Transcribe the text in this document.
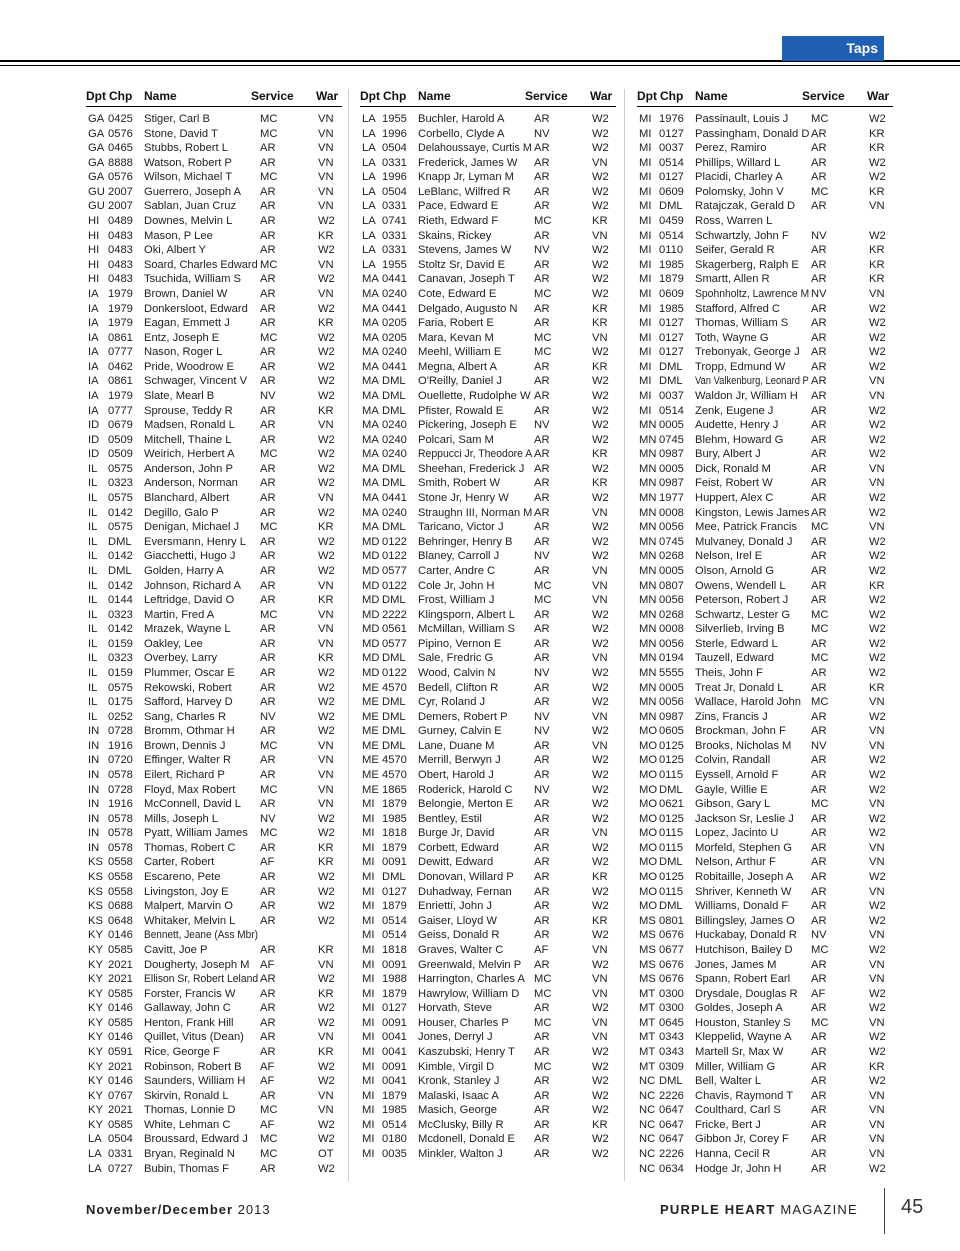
Taps
Dpt Chp Name	Service War
GA 0425 Stiger, Carl B	MC	VN
GA 0576 Stone, David T	MC	VN
GA 0465 Stubbs, Robert L	AR	VN
GA 8888 Watson, Robert P	AR	VN
GA 0576 Wilson, Michael T MC	VN
GU 2007 Guerrero, Joseph A AR	VN
GU 2007 Sablan, Juan Cruz AR	VN
HI 0489 Downes, Melvin L AR	W2
HI 0483 Mason, P Lee	AR	KR
HI 0483 Oki, Albert Y	AR	W2
HI 0483 Soard, Charles Edward MC	VN
HI 0483 Tsuchida, William S AR	W2
IA 1979 Brown, Daniel W	AR	VN
IA 1979 Donkersloot, Edward AR	W2
IA 1979 Eagan, Emmett J	AR	KR
IA 0861 Entz, Joseph E	MC	W2
IA 0777 Nason, Roger L	AR	W2
IA 0462 Pride, Woodrow E AR	W2
IA 0861 Schwager, Vincent V AR	W2
IA 1979 Slate, Mearl B	NV	W2
IA 0777 Sprouse, Teddy R AR	KR
ID 0679 Madsen, Ronald L AR	VN
ID 0509 Mitchell, Thaine L	AR	W2
ID 0509 Weirich, Herbert A MC	W2
IL 0575 Anderson, John P AR	W2
IL 0323 Anderson, Norman AR	W2
IL 0575 Blanchard, Albert	AR	VN
IL 0142 Degillo, Galo P	AR	W2
IL 0575 Denigan, Michael J MC	KR
IL DML Eversmann, Henry L AR	W2
IL 0142 Giacchetti, Hugo J AR	W2
IL DML Golden, Harry A	AR	W2
IL 0142 Johnson, Richard A AR	VN
IL 0144 Leftridge, David O AR	KR
IL 0323 Martin, Fred A	MC	VN
IL 0142 Mrazek, Wayne L	AR	VN
IL 0159 Oakley, Lee	AR	VN
IL 0323 Overbey, Larry	AR	KR
IL 0159 Plummer, Oscar E AR	W2
IL 0575 Rekowski, Robert	AR	W2
IL 0175 Safford, Harvey D AR	W2
IL 0252 Sang, Charles R	NV	W2
IN 0728 Bromm, Othmar H AR	W2
IN 1916 Brown, Dennis J	MC	VN
IN 0720 Effinger, Walter R	AR	VN
IN 0578 Eilert, Richard P	AR	VN
IN 0728 Floyd, Max Robert MC	VN
IN 1916 McConnell, David L AR	VN
IN 0578 Mills, Joseph L	NV	W2
IN 0578 Pyatt, William James MC	W2
IN 0578 Thomas, Robert C AR	KR
KS 0558 Carter, Robert	AF	KR
KS 0558 Escareno, Pete	AR	W2
KS 0558 Livingston, Joy E	AR	W2
KS 0688 Malpert, Marvin O AR	W2
KS 0648 Whitaker, Melvin L AR	W2
KY 0146 Bennett, Jeane (Ass Mbr)
KY 0585 Cavitt, Joe P	AR	KR
KY 2021 Dougherty, Joseph M AF	VN
KY 2021 Ellison Sr, Robert Leland AR	W2
KY 0585 Forster, Francis W AR	KR
KY 0146 Gallaway, John C	AR	W2
KY 0585 Henton, Frank Hill AR	W2
KY 0146 Quillet, Vitus (Dean) AR	VN
KY 0591 Rice, George F	AR	KR
KY 2021 Robinson, Robert B AF	W2
KY 0146 Saunders, William H AF	W2
KY 0767 Skirvin, Ronald L	AR	VN
KY 2021 Thomas, Lonnie D MC	VN
KY 0585 White, Lehman C	AF	W2
LA 0504 Broussard, Edward J MC	W2
LA 0331 Bryan, Reginald N MC	OT
LA 0727 Bubin, Thomas F	AR	W2
Dpt Chp Name	Service War
LA 1955 Buchler, Harold A	AR	W2
LA 1996 Corbello, Clyde A	NV	W2
LA 0504 Delahoussaye, Curtis M AR	W2
LA 0331 Frederick, James W AR	VN
LA 1996 Knapp Jr, Lyman M AR	W2
LA 0504 LeBlanc, Wilfred R AR	W2
LA 0331 Pace, Edward E	AR	W2
LA 0741 Rieth, Edward F	MC	KR
LA 0331 Skains, Rickey	AR	VN
LA 0331 Stevens, James W NV	W2
LA 1955 Stoltz Sr, David E	AR	W2
MA 0441 Canavan, Joseph T AR	W2
MA 0240 Cote, Edward E	MC	W2
MA 0441 Delgado, Augusto N AR	KR
MA 0205 Faria, Robert E	AR	KR
MA 0205 Mara, Kevan M	MC	VN
MA 0240 Meehl, William E	MC	W2
MA 0441 Megna, Albert A	AR	KR
MA DML O'Reilly, Daniel J	AR	W2
MA DML Ouellette, Rudolphe W AR	W2
MA DML Pfister, Rowald E	AR	W2
MA 0240 Pickering, Joseph E NV	W2
MA 0240 Polcari, Sam M	AR	W2
MA 0240 Reppucci Jr, Theodore A AR	KR
MA DML Sheehan, Frederick J AR	W2
MA DML Smith, Robert W	AR	KR
MA 0441 Stone Jr, Henry W AR	W2
MA 0240 Straughn III, Norman M AR	VN
MA DML Taricano, Victor J	AR	W2
MD 0122 Behringer, Henry B AR	W2
MD 0122 Blaney, Carroll J	NV	W2
MD 0577 Carter, Andre C	AR	VN
MD 0122 Cole Jr, John H	MC	VN
MD DML Frost, William J	MC	VN
MD 2222 Klingsporn, Albert L AR	W2
MD 0561 McMillan, William S AR	W2
MD 0577 Pipino, Vernon E	AR	W2
MD DML Sale, Fredric G	AR	VN
MD 0122 Wood, Calvin N	NV	W2
ME 4570 Bedell, Clifton R	AR	W2
ME DML Cyr, Roland J	AR	W2
ME DML Demers, Robert P NV	VN
ME DML Gurney, Calvin E	NV	W2
ME DML Lane, Duane M	AR	VN
ME 4570 Merrill, Berwyn J	AR	W2
ME 4570 Obert, Harold J	AR	W2
ME 1865 Roderick, Harold C NV	W2
MI 1879 Belongie, Merton E AR	W2
MI 1985 Bentley, Estil	AR	W2
MI 1818 Burge Jr, David	AR	VN
MI 1879 Corbett, Edward	AR	W2
MI 0091 Dewitt, Edward	AR	W2
MI DML Donovan, Willard P AR	KR
MI 0127 Duhadway, Fernan AR	W2
MI 1879 Enrietti, John J	AR	W2
MI 0514 Gaiser, Lloyd W	AR	KR
MI 0514 Geiss, Donald R	AR	W2
MI 1818 Graves, Walter C	AF	VN
MI 0091 Greenwald, Melvin P AR	W2
MI 1988 Harrington, Charles A MC	VN
MI 1879 Hawrylow, William D MC	VN
MI 0127 Horvath, Steve	AR	W2
MI 0091 Houser, Charles P MC	VN
MI 0041 Jones, Derryl J	AR	VN
MI 0041 Kaszubski, Henry T AR	W2
MI 0091 Kimble, Virgil D	MC	W2
MI 0041 Kronk, Stanley J	AR	W2
MI 1879 Malaski, Isaac A	AR	W2
MI 1985 Masich, George	AR	W2
MI 0514 McClusky, Billy R	AR	KR
MI 0180 Mcdonell, Donald E AR	W2
MI 0035 Minkler, Walton J	AR	W2
Dpt Chp Name	Service War
MI 1976 Passinault, Louis J MC	W2
MI 0127 Passingham, Donald D AR	KR
MI 0037 Perez, Ramiro	AR	KR
MI 0514 Phillips, Willard L	AR	W2
MI 0127 Placidi, Charley A	AR	W2
MI 0609 Polomsky, John V MC	KR
MI DML Ratajczak, Gerald D AR	VN
MI 0459 Ross, Warren L
MI 0514 Schwartzly, John F NV	W2
MI 0110 Seifer, Gerald R	AR	KR
MI 1985 Skagerberg, Ralph E AR	KR
MI 1879 Smartt, Allen R	AR	KR
MI 0609 Spohnholtz, Lawrence M NV	VN
MI 1985 Stafford, Alfred C	AR	W2
MI 0127 Thomas, William S AR	W2
MI 0127 Toth, Wayne G	AR	W2
MI 0127 Trebonyak, George J AR	W2
MI DML Tropp, Edmund W AR	W2
MI DML Van Valkenburg, Leonard P AR	VN
MI 0037 Waldon Jr, William H AR	VN
MI 0514 Zenk, Eugene J	AR	W2
MN 0005 Audette, Henry J	AR	W2
MN 0745 Blehm, Howard G AR	W2
MN 0987 Bury, Albert J	AR	W2
MN 0005 Dick, Ronald M	AR	VN
MN 0987 Feist, Robert W	AR	VN
MN 1977 Huppert, Alex C	AR	W2
MN 0008 Kingston, Lewis James AR	W2
MN 0056 Mee, Patrick Francis MC	VN
MN 0745 Mulvaney, Donald J AR	W2
MN 0268 Nelson, Irel E	AR	W2
MN 0005 Olson, Arnold G	AR	W2
MN 0807 Owens, Wendell L AR	KR
MN 0056 Peterson, Robert J AR	W2
MN 0268 Schwartz, Lester G MC	W2
MN 0008 Silverlieb, Irving B MC	W2
MN 0056 Sterle, Edward L	AR	W2
MN 0194 Tauzell, Edward	MC	W2
MN 5555 Theis, John F	AR	W2
MN 0005 Treat Jr, Donald L AR	KR
MN 0056 Wallace, Harold John MC	VN
MN 0987 Zins, Francis J	AR	W2
MO 0605 Brockman, John F AR	VN
MO 0125 Brooks, Nicholas M NV	VN
MO 0125 Colvin, Randall	AR	W2
MO 0115 Eyssell, Arnold F	AR	W2
MO DML Gayle, Willie E	AR	W2
MO 0621 Gibson, Gary L	MC	VN
MO 0125 Jackson Sr, Leslie J AR	W2
MO 0115 Lopez, Jacinto U	AR	W2
MO 0115 Morfeld, Stephen G AR	VN
MO DML Nelson, Arthur F	AR	VN
MO 0125 Robitaille, Joseph A AR	W2
MO 0115 Shriver, Kenneth W AR	VN
MO DML Williams, Donald F AR	W2
MS 0801 Billingsley, James O AR	W2
MS 0676 Huckabay, Donald R NV	VN
MS 0677 Hutchison, Bailey D MC	W2
MS 0676 Jones, James M	AR	VN
MS 0676 Spann, Robert Earl AR	VN
MT 0300 Drysdale, Douglas R AF	W2
MT 0300 Goldes, Joseph A	AR	W2
MT 0645 Houston, Stanley S MC	VN
MT 0343 Kleppelid, Wayne A AR	W2
MT 0343 Martell Sr, Max W AR	W2
MT 0309 Miller, William G	AR	KR
NC DML Bell, Walter L	AR	W2
NC 2226 Chavis, Raymond T AR	VN
NC 0647 Coulthard, Carl S	AR	VN
NC 0647 Fricke, Bert J	AR	VN
NC 0647 Gibbon Jr, Corey F AR	VN
NC 2226 Hanna, Cecil R	AR	VN
NC 0634 Hodge Jr, John H	AR	W2
November/December 2013	PURPLE HEART MAGAZINE 45
